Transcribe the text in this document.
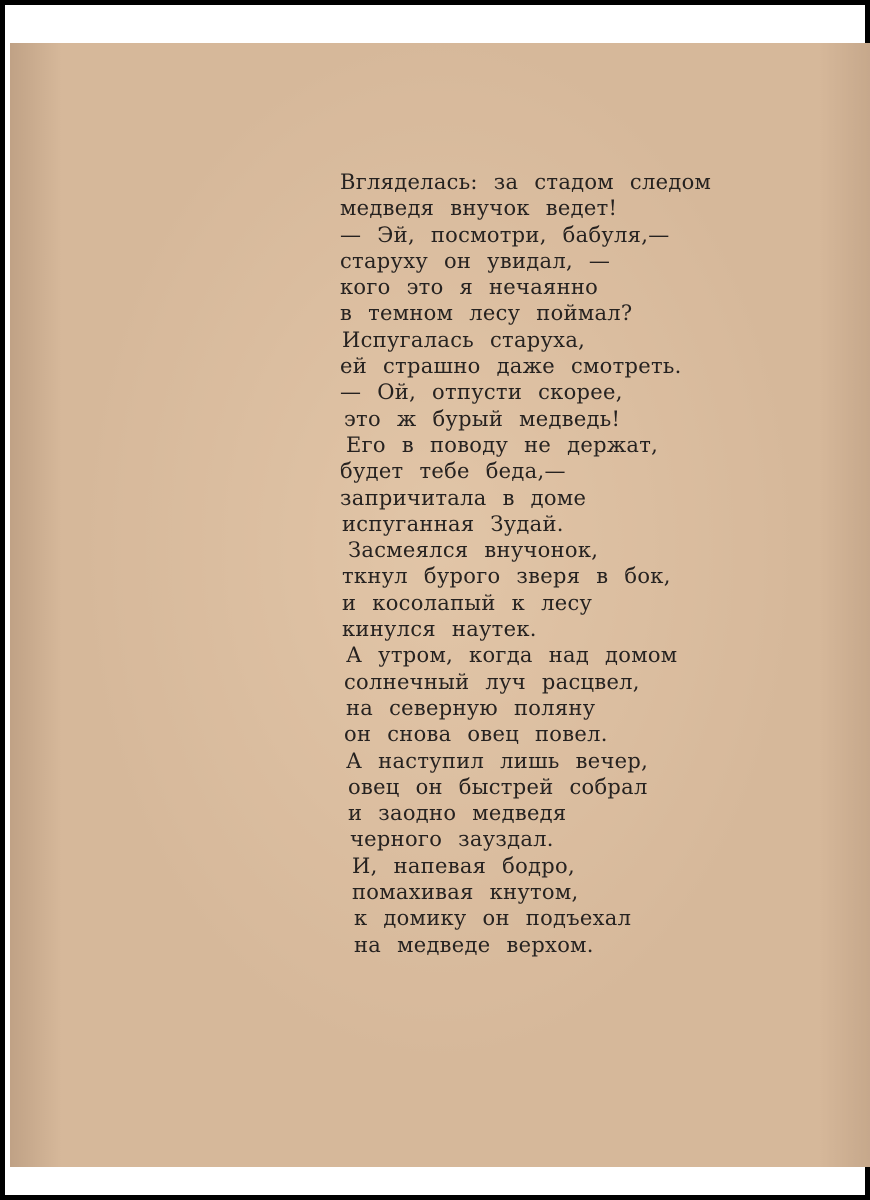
Вгляделась: за стадом следом
медведя внучок ведет!
— Эй, посмотри, бабуля,—
старуху он увидал, —
кого это я нечаянно
в темном лесу поймал?
Испугалась старуха,
ей страшно даже смотреть.
— Ой, отпусти скорее,
это ж бурый медведь!
Его в поводу не держат,
будет тебе беда,—
запричитала в доме
испуганная Зудай.
Засмеялся внучонок,
ткнул бурого зверя в бок,
и косолапый к лесу
кинулся наутек.
А утром, когда над домом
солнечный луч расцвел,
на северную поляну
он снова овец повел.
А наступил лишь вечер,
овец он быстрей собрал
и заодно медведя
черного зауздал.
И, напевая бодро,
помахивая кнутом,
к домику он подъехал
на медведе верхом.
